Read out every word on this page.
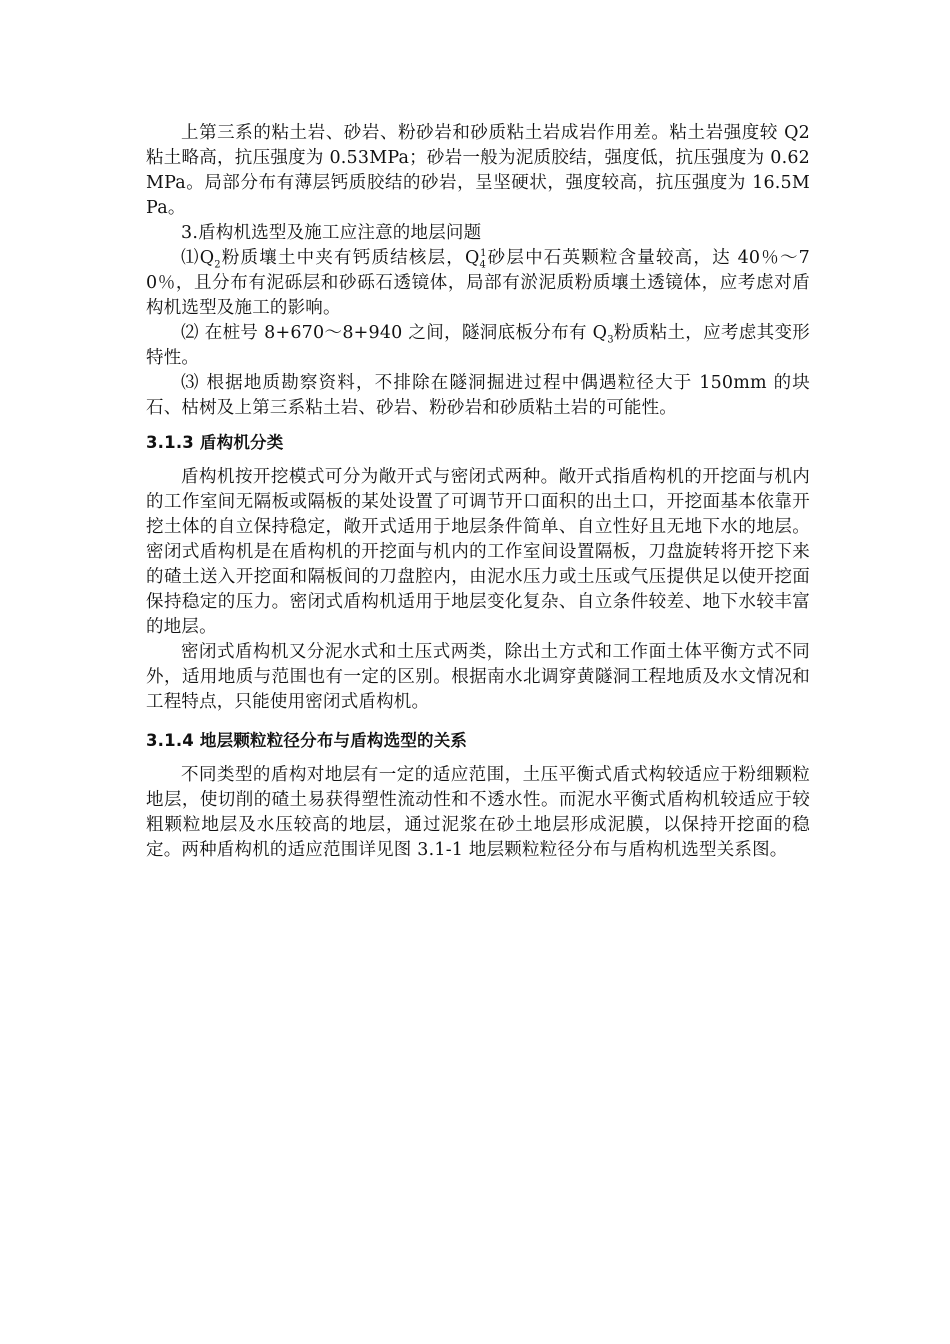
上第三系的粘土岩、砂岩、粉砂岩和砂质粘土岩成岩作用差。粘土岩强度较 Q2 粘土略高，抗压强度为 0.53MPa；砂岩一般为泥质胶结，强度低，抗压强度为 0.62MPa。局部分布有薄层钙质胶结的砂岩，呈坚硬状，强度较高，抗压强度为 16.5MPa。

3.盾构机选型及施工应注意的地层问题

$⑴Q_2$粉质壤土中夹有钙质结核层，$Q_4^1$砂层中石英颗粒含量较高，达 40％～70％，且分布有泥砾层和砂砾石透镜体，局部有淤泥质粉质壤土透镜体，应考虑对盾构机选型及施工的影响。

⑵ 在桩号 8+670～8+940 之间，隧洞底板分布有 $Q_3$粉质粘土，应考虑其变形特性。

⑶ 根据地质勘察资料，不排除在隧洞掘进过程中偶遇粒径大于 150mm 的块石、枯树及上第三系粘土岩、砂岩、粉砂岩和砂质粘土岩的可能性。

3.1.3 盾构机分类

盾构机按开挖模式可分为敞开式与密闭式两种。敞开式指盾构机的开挖面与机内的工作室间无隔板或隔板的某处设置了可调节开口面积的出土口，开挖面基本依靠开挖土体的自立保持稳定，敞开式适用于地层条件简单、自立性好且无地下水的地层。密闭式盾构机是在盾构机的开挖面与机内的工作室间设置隔板，刀盘旋转将开挖下来的碴土送入开挖面和隔板间的刀盘腔内，由泥水压力或土压或气压提供足以使开挖面保持稳定的压力。密闭式盾构机适用于地层变化复杂、自立条件较差、地下水较丰富的地层。

密闭式盾构机又分泥水式和土压式两类，除出土方式和工作面土体平衡方式不同外，适用地质与范围也有一定的区别。根据南水北调穿黄隧洞工程地质及水文情况和工程特点，只能使用密闭式盾构机。

3.1.4 地层颗粒粒径分布与盾构选型的关系

不同类型的盾构对地层有一定的适应范围，土压平衡式盾式构较适应于粉细颗粒地层，使切削的碴土易获得塑性流动性和不透水性。而泥水平衡式盾构机较适应于较粗颗粒地层及水压较高的地层，通过泥浆在砂土地层形成泥膜，以保持开挖面的稳定。两种盾构机的适应范围详见图 3.1-1 地层颗粒粒径分布与盾构机选型关系图。
